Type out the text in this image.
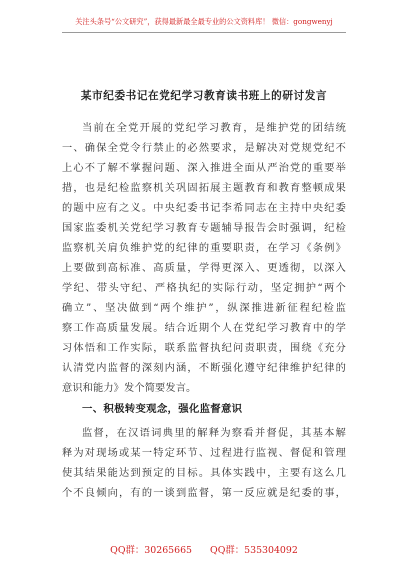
关注头条号“公文研究”，获得最新最全最专业的公文资料库！ 微信：gongwenyj
某市纪委书记在党纪学习教育读书班上的研讨发言
当前在全党开展的党纪学习教育，是维护党的团结统
一、确保全党令行禁止的必然要求，是解决对党规党纪不
上心不了解不掌握问题、深入推进全面从严治党的重要举
措，也是纪检监察机关巩固拓展主题教育和教育整顿成果
的题中应有之义。中央纪委书记李希同志在主持中央纪委
国家监委机关党纪学习教育专题辅导报告会时强调，纪检
监察机关肩负维护党的纪律的重要职责，在学习《条例》
上要做到高标准、高质量，学得更深入、更透彻，以深入
学纪、带头守纪、严格执纪的实际行动，坚定拥护“两个
确立”、坚决做到“两个维护”，纵深推进新征程纪检监
察工作高质量发展。结合近期个人在党纪学习教育中的学
习体悟和工作实际，联系监督执纪问责职责，围绕《充分
认清党内监督的深刻内涵，不断强化遵守纪律维护纪律的
意识和能力》发个简要发言。
一、积极转变观念，强化监督意识
监督，在汉语词典里的解释为察看并督促，其基本解
释为对现场或某一特定环节、过程进行监视、督促和管理
使其结果能达到预定的目标。具体实践中，主要有这么几
个不良倾向，有的一谈到监督，第一反应就是纪委的事，
QQ群：30265665 QQ群：535304092
